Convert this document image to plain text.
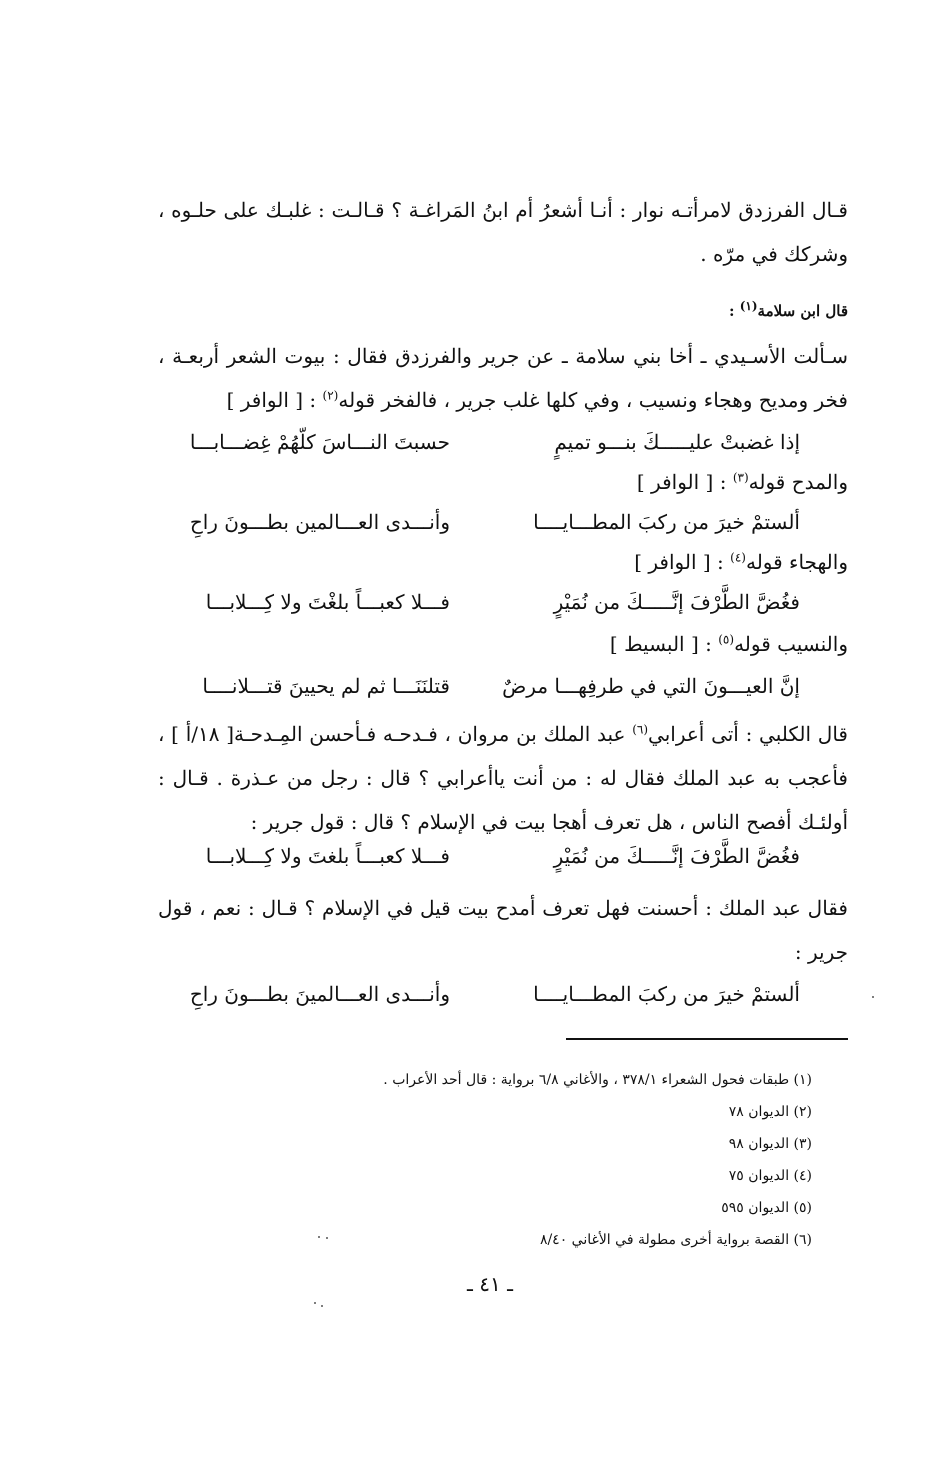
قـال الفرزدق لامرأتـه نوار : أنـا أشعرُ أم ابنُ المَراغـة ؟ قـالـت : غلبـك على حلـوه ، وشركك في مرّه .
قال ابن سلامة$^{(١)}$ :
سـألت الأسـيدي ـ أخا بني سلامة ـ عن جرير والفرزدق فقال : بيوت الشعر أربعـة ، فخر ومديح وهجاء ونسيب ، وفي كلها غلب جرير ، فالفخر قوله$^{(٢)}$ : [ الوافر ]
إذا غضبتْ عليـــــكَ بنـــو تميمٍ
حسبتَ النـــاسَ كلّهُمْ غِضـــابـــا
والمدح قوله$^{(٣)}$ : [ الوافر ]
ألستمْ خيرَ من ركبَ المطـــايــــا
وأنـــدى العـــالمين بطـــونَ راحِ
والهجاء قوله$^{(٤)}$ : [ الوافر ]
فغُضَّ الطَّرْفَ إنَّـــــكَ من نُمَيْرٍ
فـــلا كعبـــاً بلغْتَ ولا كِـــلابـــا
والنسيب قوله$^{(٥)}$ : [ البسيط ]
إنَّ العيـــونَ التي في طرفِهـــا مرضٌ
قتلنَنَـــا ثم لم يحيينَ قتـــلانــــا
قال الكلبي : أتى أعرابي$^{(٦)}$ عبد الملك بن مروان ، فـدحـه فـأحسن المِـدحـة[ ١٨/أ ] ، فأعجب به عبد الملك فقال له : من أنت ياأعرابي ؟ قال : رجل من عـذرة . قـال : أولئـك أفصح الناس ، هل تعرف أهجا بيت في الإسلام ؟ قال : قول جرير :
فغُضَّ الطَّرْفَ إنَّـــــكَ من نُمَيْرٍ
فـــلا كعبـــاً بلغتَ ولا كِـــلابـــا
فقال عبد الملك : أحسنت فهل تعرف أمدح بيت قيل في الإسلام ؟ قـال : نعم ، قول جرير :
ألستمْ خيرَ من ركبَ المطـــايــــا
وأنـــدى العـــالمينَ بطـــونَ راحِ
(١) طبقات فحول الشعراء ٣٧٨/١ ، والأغاني ٦/٨ برواية : قال أحد الأعراب .
(٢) الديوان ٧٨
(٣) الديوان ٩٨
(٤) الديوان ٧٥
(٥) الديوان ٥٩٥
(٦) القصة برواية أخرى مطولة في الأغاني ٨/٤٠
ـ ٤١ ـ
